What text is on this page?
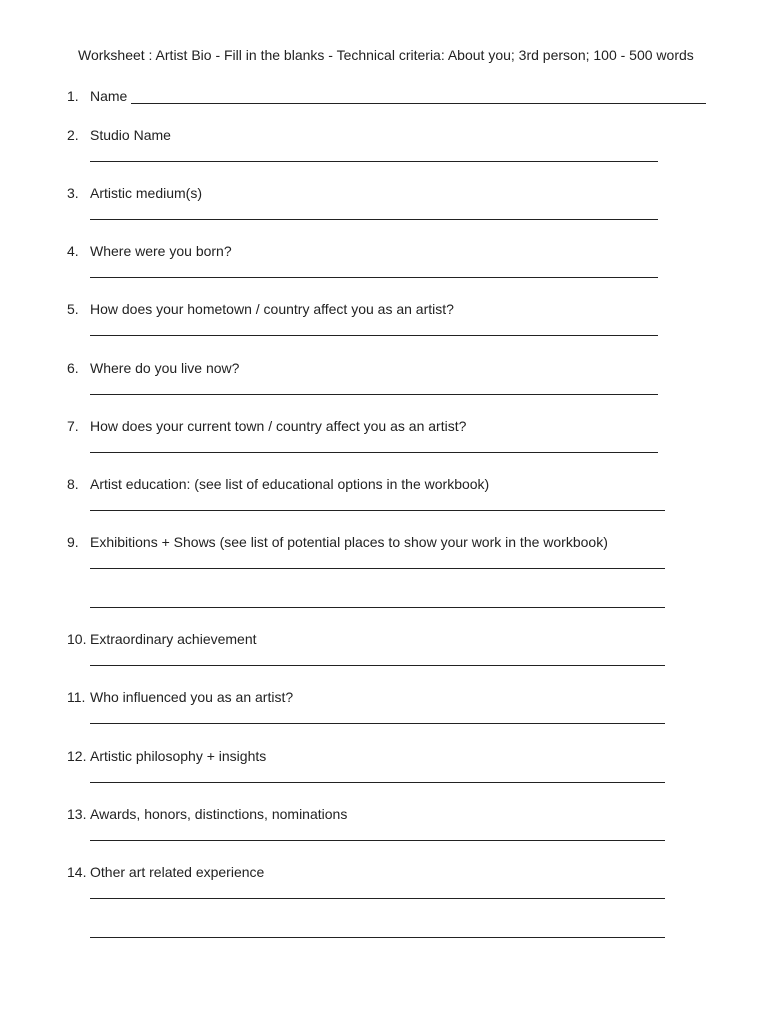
Worksheet : Artist Bio - Fill in the blanks - Technical criteria: About you; 3rd person; 100 - 500 words
1. Name
2. Studio Name
3. Artistic medium(s)
4. Where were you born?
5. How does your hometown / country affect you as an artist?
6. Where do you live now?
7. How does your current town / country affect you as an artist?
8. Artist education: (see list of educational options in the workbook)
9. Exhibitions + Shows (see list of potential places to show your work in the workbook)
10. Extraordinary achievement
11. Who influenced you as an artist?
12. Artistic philosophy + insights
13. Awards, honors, distinctions, nominations
14. Other art related experience
